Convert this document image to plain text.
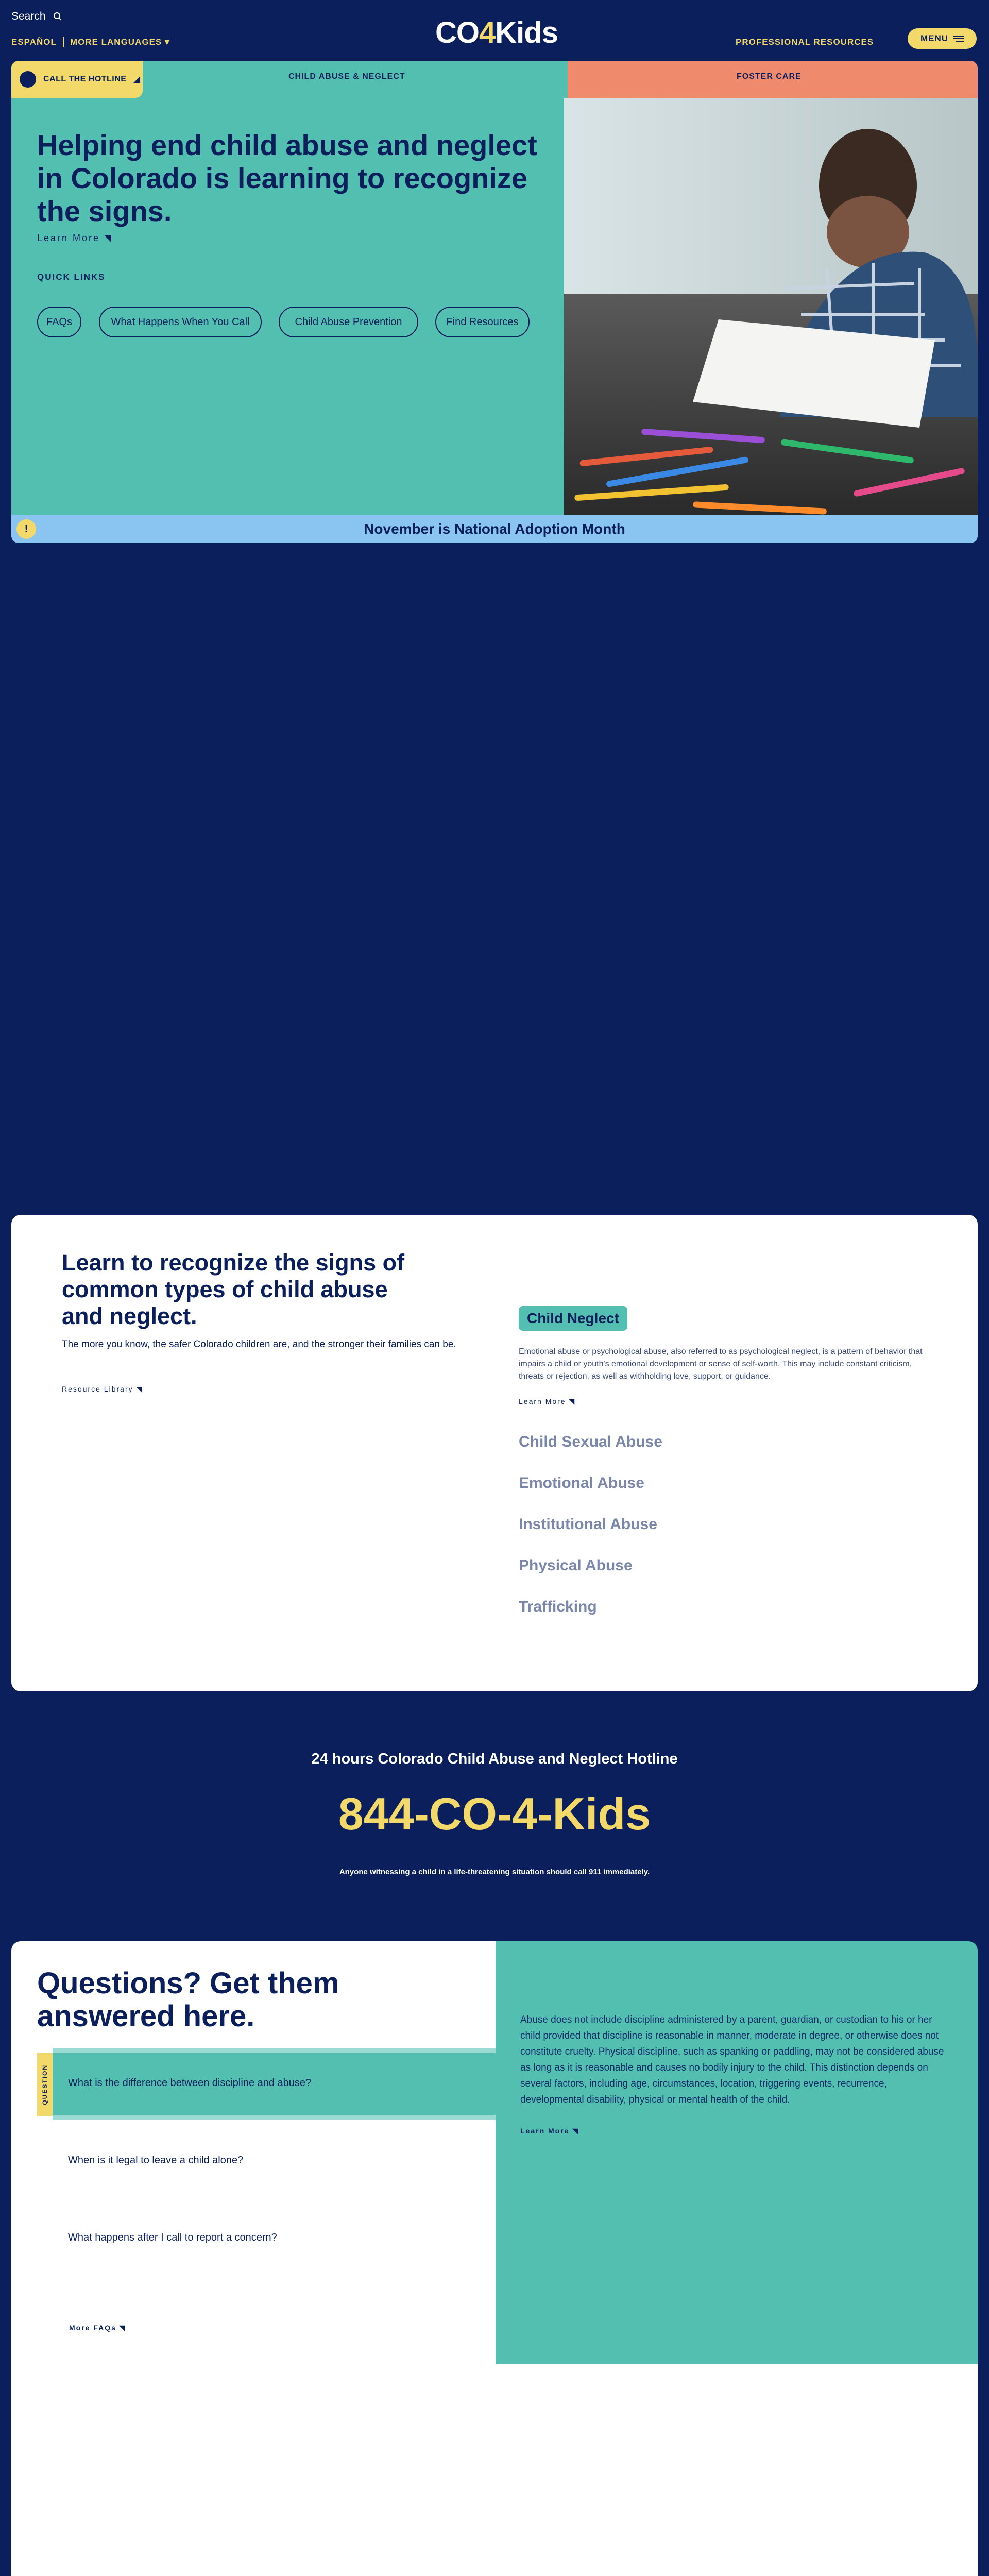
Search
ESPAÑOL MORE LANGUAGES ▾	CO4Kids	PROFESSIONAL RESOURCES	MENU
CALL THE HOTLINE ◢	CHILD ABUSE & NEGLECT	FOSTER CARE
Helping end child abuse and neglect in Colorado is learning to recognize the signs.
Learn More ◥
QUICK LINKS
FAQs	What Happens When You Call	Child Abuse Prevention	Find Resources
November is National Adoption Month
!
Learn to recognize the signs of common types of child abuse and neglect.
The more you know, the safer Colorado children are, and the stronger their families can be.
Resource Library ◥
Child Neglect
Emotional abuse or psychological abuse, also referred to as psychological neglect, is a pattern of behavior that impairs a child or youth's emotional development or sense of self-worth. This may include constant criticism, threats or rejection, as well as withholding love, support, or guidance.
Learn More ◥
Child Sexual Abuse
Emotional Abuse
Institutional Abuse
Physical Abuse
Trafficking
24 hours Colorado Child Abuse and Neglect Hotline
844-CO-4-Kids
Anyone witnessing a child in a life-threatening situation should call 911 immediately.
Questions? Get them answered here.
QUESTION What is the difference between discipline and abuse?
When is it legal to leave a child alone?
What happens after I call to report a concern?
More FAQs ◥
Abuse does not include discipline administered by a parent, guardian, or custodian to his or her child provided that discipline is reasonable in manner, moderate in degree, or otherwise does not constitute cruelty. Physical discipline, such as spanking or paddling, may not be considered abuse as long as it is reasonable and causes no bodily injury to the child. This distinction depends on several factors, including age, circumstances, location, triggering events, recurrence, developmental disability, physical or mental health of the child.
Learn More ◥
